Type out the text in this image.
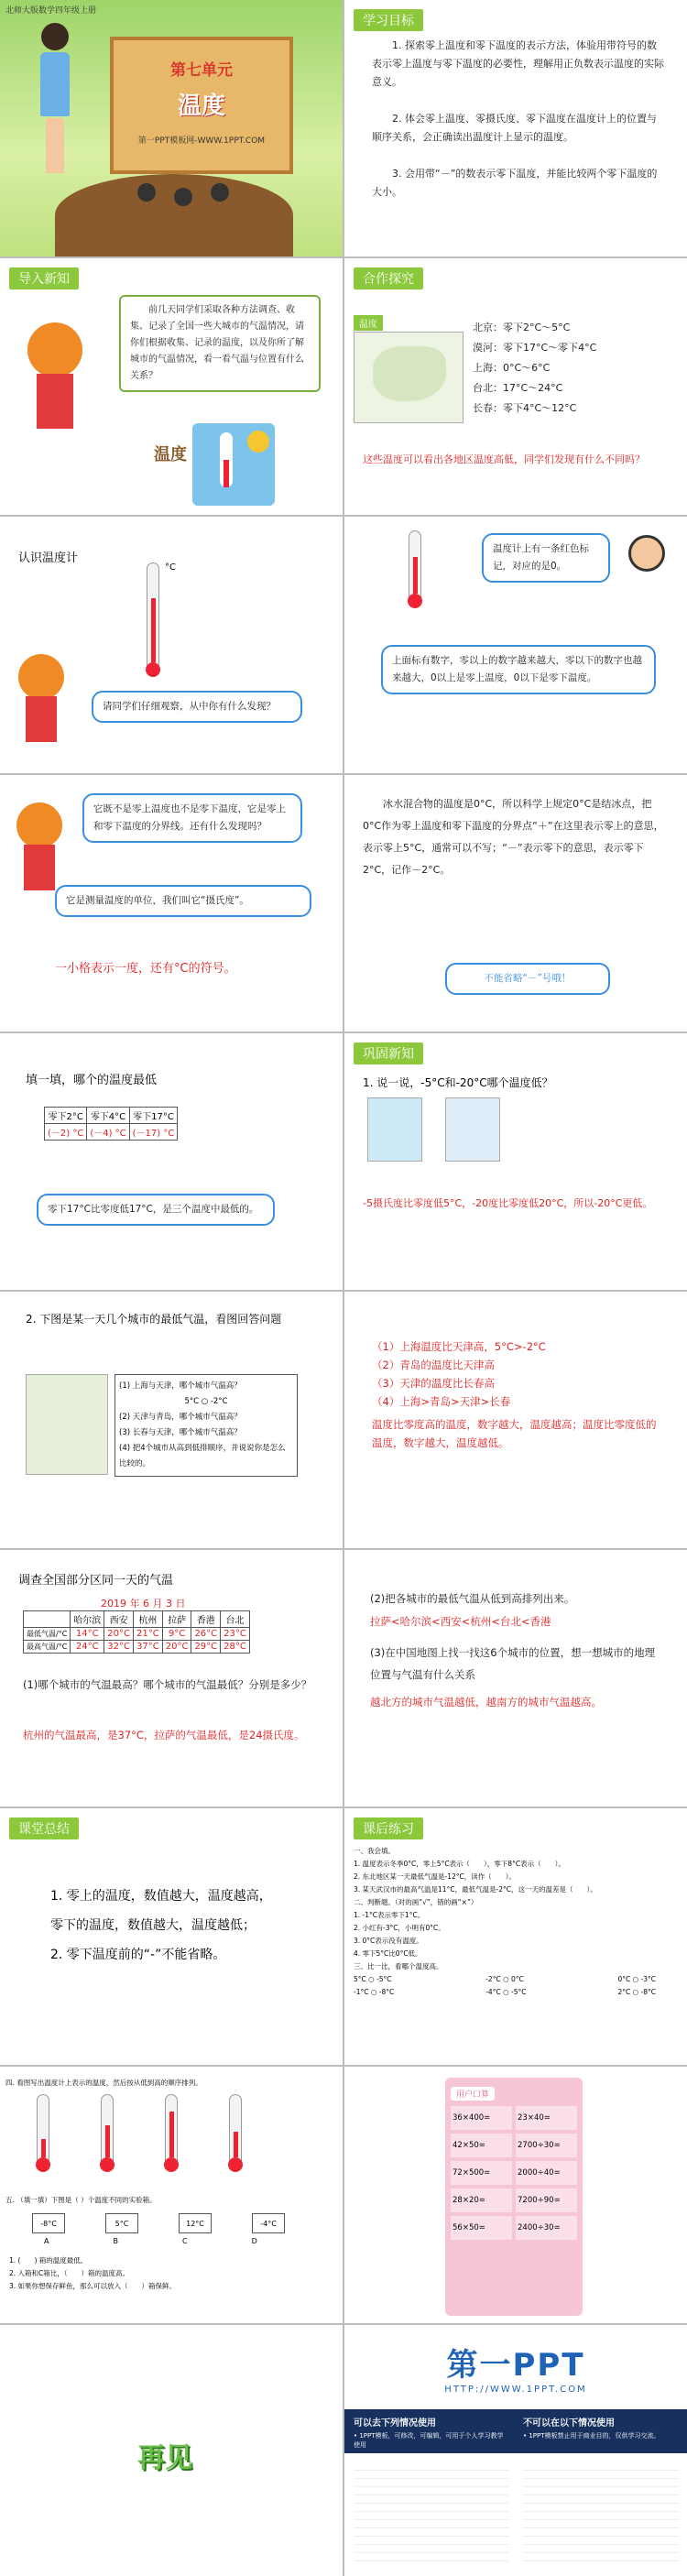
北师大版数学四年级上册
第七单元
温度
第一PPT模板网-WWW.1PPT.COM
学习目标
1. 探索零上温度和零下温度的表示方法，体验用带符号的数表示零上温度与零下温度的必要性，理解用正负数表示温度的实际意义。
2. 体会零上温度、零摄氏度、零下温度在温度计上的位置与顺序关系，会正确读出温度计上显示的温度。
3. 会用带“－”的数表示零下温度，并能比较两个零下温度的大小。
导入新知
前几天同学们采取各种方法调查、收集、记录了全国一些大城市的气温情况，请你们根据收集、记录的温度，以及你所了解城市的气温情况，看一看气温与位置有什么关系？
温度
合作探究
温度	北京：零下2°C～5°C
漠河：零下17°C～零下4°C
上海：0°C～6°C
台北：17°C～24°C
长春：零下4°C～12°C
这些温度可以看出各地区温度高低，同学们发现有什么不同吗？
认识温度计
°C
请同学们仔细观察，从中你有什么发现？
温度计上有一条红色标记，对应的是0。
上面标有数字，零以上的数字越来越大，零以下的数字也越来越大，0以上是零上温度，0以下是零下温度。
它既不是零上温度也不是零下温度，它是零上和零下温度的分界线。还有什么发现吗？
它是测量温度的单位，我们叫它“摄氏度”。
一小格表示一度，还有°C的符号。
冰水混合物的温度是0°C，所以科学上规定0°C是结冰点，把0°C作为零上温度和零下温度的分界点“＋”在这里表示零上的意思，表示零上5°C，通常可以不写；“－”表示零下的意思，表示零下2°C，记作－2°C。
不能省略“－”号哦！
填一填，哪个的温度最低
零下2°C	零下4°C	零下17°C
(－2) °C	(－4) °C	(－17) °C
零下17°C比零度低17°C，是三个温度中最低的。
巩固新知
1. 说一说，-5°C和-20°C哪个温度低？
-5摄氏度比零度低5°C，-20度比零度低20°C，所以-20°C更低。
2. 下图是某一天几个城市的最低气温，看图回答问题
(1) 上海与天津，哪个城市气温高？
5°C ○ -2°C
(2) 天津与青岛，哪个城市气温高？
(3) 长春与天津，哪个城市气温高？
(4) 把4个城市从高到低排顺序，并说说你是怎么比较的。
（1）上海温度比天津高，5°C>-2°C
（2）青岛的温度比天津高
（3）天津的温度比长春高
（4）上海>青岛>天津>长春
温度比零度高的温度，数字越大，温度越高；温度比零度低的温度，数字越大，温度越低。
调查全国部分区同一天的气温
2019 年 6 月 3 日
	哈尔滨	西安	杭州	拉萨	香港	台北
最低气温/°C	14°C	20°C	21°C	9°C	26°C	23°C
最高气温/°C	24°C	32°C	37°C	20°C	29°C	28°C
(1)哪个城市的气温最高？哪个城市的气温最低？分别是多少？
杭州的气温最高，是37°C，拉萨的气温最低，是24摄氏度。
(2)把各城市的最低气温从低到高排列出来。
拉萨<哈尔滨<西安<杭州<台北<香港
(3)在中国地图上找一找这6个城市的位置，想一想城市的地理位置与气温有什么关系
越北方的城市气温越低，越南方的城市气温越高。
课堂总结
1. 零上的温度，数值越大，温度越高，
零下的温度，数值越大，温度越低；
2. 零下温度前的“-”不能省略。
课后练习
一、我会填。
1. 温度表示冬季0°C，零上5°C表示（　　），零下8°C表示（　　）。
2. 东北地区某一天最低气温是-12°C，读作（　　）。
3. 某天武汉市的最高气温是11°C，最低气温是-2°C，这一天的温差是（　　）。
二、判断题。（对的画“√”，错的画“×”）
1. -1°C表示零下1°C。
2. 小红有-3°C，小明有0°C。
3. 0°C表示没有温度。
4. 零下5°C比0°C低。
三、比一比，看哪个温度高。
5°C ○ -5°C	-2°C ○ 0°C	0°C ○ -3°C
-1°C ○ -8°C	-4°C ○ -5°C	2°C ○ -8°C
四. 看图写出温度计上表示的温度，然后按从低到高的顺序排列。
五. （填一填）下图是（ ）个温度不同的实验箱。
-8°C	5°C	12°C	-4°C
A	B	C	D
1. (　　) 箱的温度最低。
2. 入箱和C箱比，（　　）箱的温度高。
3. 如果你想保存鲜鱼，那么可以放入（　　）箱保鲜。
用户口算
36×400=	23×40=
42×50=	2700÷30=
72×500=	2000÷40=
28×20=	7200÷90=
56×50=	2400÷30=
再见
第一PPT
HTTP://WWW.1PPT.COM
可以去下列情况使用
• 1PPT模板，可修改，可编辑，可用于个人学习教学使用
不可以在以下情况使用
• 1PPT模板禁止用于商业目的，仅供学习交流。
